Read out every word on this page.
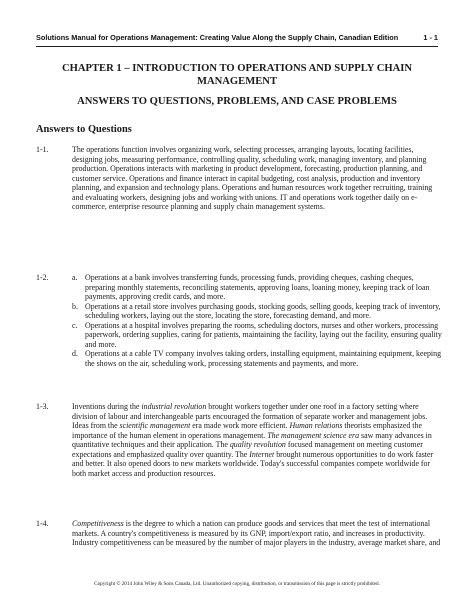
Solutions Manual for Operations Management: Creating Value Along the Supply Chain, Canadian Edition	1 - 1
CHAPTER 1 – INTRODUCTION TO OPERATIONS AND SUPPLY CHAIN
MANAGEMENT
ANSWERS TO QUESTIONS, PROBLEMS, AND CASE PROBLEMS
Answers to Questions
1-1.	The operations function involves organizing work, selecting processes, arranging layouts, locating facilities, designing jobs, measuring performance, controlling quality, scheduling work, managing inventory, and planning production. Operations interacts with marketing in product development, forecasting, production planning, and customer service. Operations and finance interact in capital budgeting, cost analysis, production and inventory planning, and expansion and technology plans. Operations and human resources work together recruiting, training and evaluating workers, designing jobs and working with unions. IT and operations work together daily on e-commerce, enterprise resource planning and supply chain management systems.
1-2.	a. Operations at a bank involves transferring funds, processing funds, providing cheques, cashing cheques, preparing monthly statements, reconciling statements, approving loans, loaning money, keeping track of loan payments, approving credit cards, and more.
b. Operations at a retail store involves purchasing goods, stocking goods, selling goods, keeping track of inventory, scheduling workers, laying out the store, locating the store, forecasting demand, and more.
c. Operations at a hospital involves preparing the rooms, scheduling doctors, nurses and other workers, processing paperwork, ordering supplies, caring for patients, maintaining the facility, laying out the facility, ensuring quality and more.
d. Operations at a cable TV company involves taking orders, installing equipment, maintaining equipment, keeping the shows on the air, scheduling work, processing statements and payments, and more.
1-3.	Inventions during the industrial revolution brought workers together under one roof in a factory setting where division of labour and interchangeable parts encouraged the formation of separate worker and management jobs. Ideas from the scientific management era made work more efficient. Human relations theorists emphasized the importance of the human element in operations management. The management science era saw many advances in quantitative techniques and their application. The quality revolution focused management on meeting customer expectations and emphasized quality over quantity. The Internet brought numerous opportunities to do work faster and better. It also opened doors to new markets worldwide. Today's successful companies compete worldwide for both market access and production resources.
1-4.	Competitiveness is the degree to which a nation can produce goods and services that meet the test of international markets. A country's competitiveness is measured by its GNP, import/export ratio, and increases in productivity. Industry competitiveness can be measured by the number of major players in the industry, average market share, and
Copyright © 2014 John Wiley & Sons Canada, Ltd. Unauthorized copying, distribution, or transmission of this page is strictly prohibited.
